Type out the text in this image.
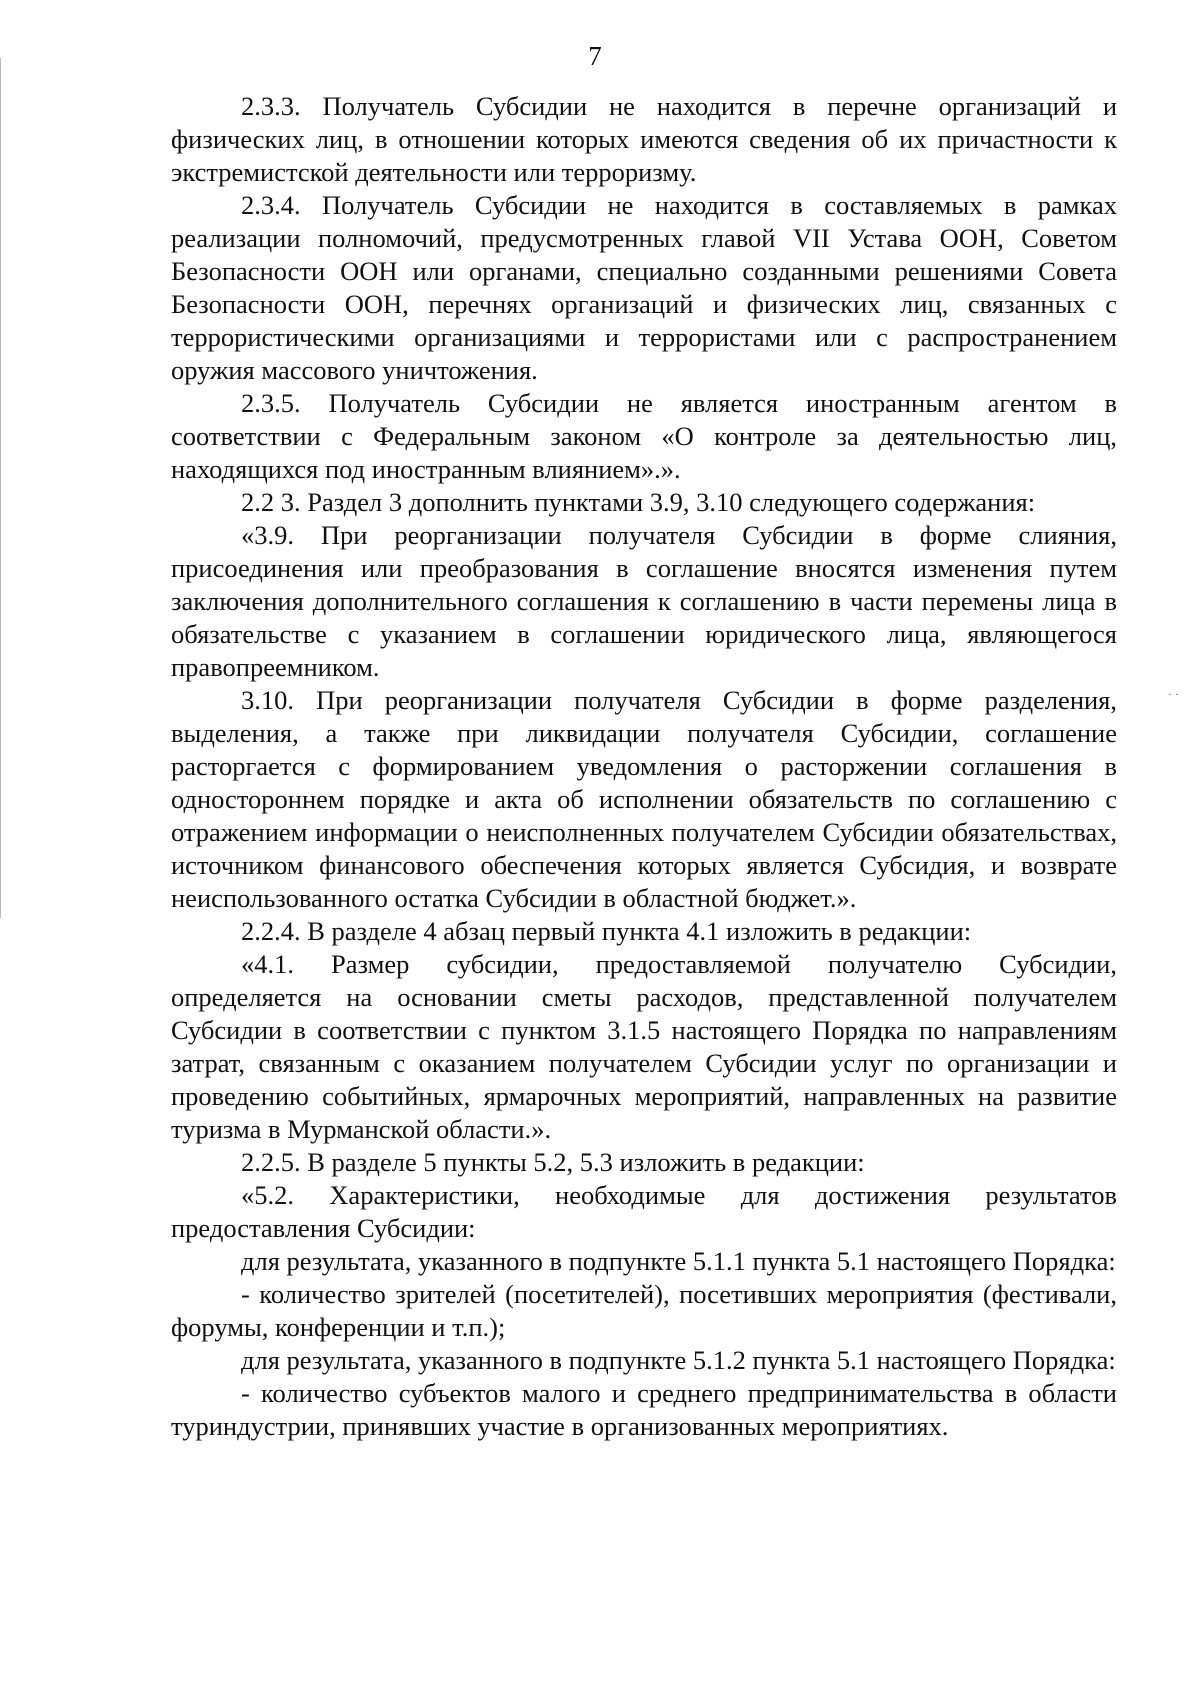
· ·
7

2.3.3. Получатель Субсидии не находится в перечне организаций и физических лиц, в отношении которых имеются сведения об их причастности к экстремистской деятельности или терроризму.

2.3.4. Получатель Субсидии не находится в составляемых в рамках реализации полномочий, предусмотренных главой VII Устава ООН, Советом Безопасности ООН или органами, специально созданными решениями Совета Безопасности ООН, перечнях организаций и физических лиц, связанных с террористическими организациями и террористами или с распространением оружия массового уничтожения.

2.3.5. Получатель Субсидии не является иностранным агентом в соответствии с Федеральным законом «О контроле за деятельностью лиц, находящихся под иностранным влиянием».».

2.2 3. Раздел 3 дополнить пунктами 3.9, 3.10 следующего содержания:

«3.9. При реорганизации получателя Субсидии в форме слияния, присоединения или преобразования в соглашение вносятся изменения путем заключения дополнительного соглашения к соглашению в части перемены лица в обязательстве с указанием в соглашении юридического лица, являющегося правопреемником.

3.10. При реорганизации получателя Субсидии в форме разделения, выделения, а также при ликвидации получателя Субсидии, соглашение расторгается с формированием уведомления о расторжении соглашения в одностороннем порядке и акта об исполнении обязательств по соглашению с отражением информации о неисполненных получателем Субсидии обязательствах, источником финансового обеспечения которых является Субсидия, и возврате неиспользованного остатка Субсидии в областной бюджет.».

2.2.4. В разделе 4 абзац первый пункта 4.1 изложить в редакции:

«4.1. Размер субсидии, предоставляемой получателю Субсидии, определяется на основании сметы расходов, представленной получателем Субсидии в соответствии с пунктом 3.1.5 настоящего Порядка по направлениям затрат, связанным с оказанием получателем Субсидии услуг по организации и проведению событийных, ярмарочных мероприятий, направленных на развитие туризма в Мурманской области.».

2.2.5. В разделе 5 пункты 5.2, 5.3 изложить в редакции:

«5.2. Характеристики, необходимые для достижения результатов предоставления Субсидии:

для результата, указанного в подпункте 5.1.1 пункта 5.1 настоящего Порядка:

- количество зрителей (посетителей), посетивших мероприятия (фестивали, форумы, конференции и т.п.);

для результата, указанного в подпункте 5.1.2 пункта 5.1 настоящего Порядка:

- количество субъектов малого и среднего предпринимательства в области туриндустрии, принявших участие в организованных мероприятиях.
